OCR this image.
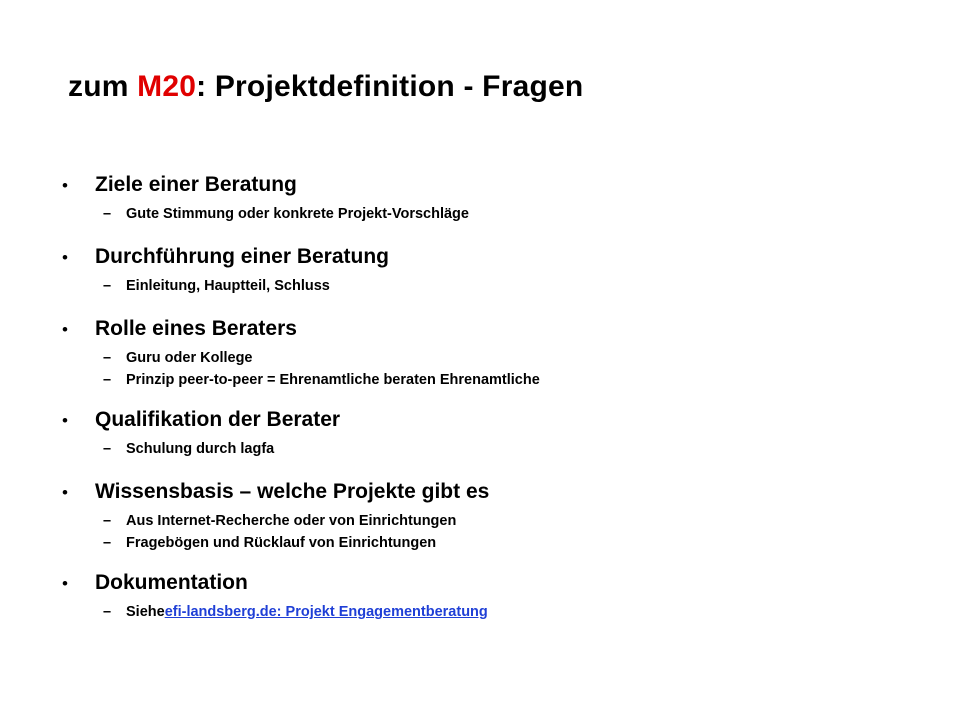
zum M20: Projektdefinition - Fragen
•	Ziele einer Beratung
–	Gute Stimmung oder konkrete Projekt-Vorschläge
•	Durchführung einer Beratung
–	Einleitung, Hauptteil, Schluss
•	Rolle eines Beraters
–	Guru oder Kollege
–	Prinzip peer-to-peer = Ehrenamtliche beraten Ehrenamtliche
•	Qualifikation der Berater
–	Schulung durch lagfa
•	Wissensbasis – welche Projekte gibt es
–	Aus Internet-Recherche oder von Einrichtungen
–	Fragebögen und Rücklauf von Einrichtungen
•	Dokumentation
–	Siehe efi-landsberg.de: Projekt Engagementberatung
